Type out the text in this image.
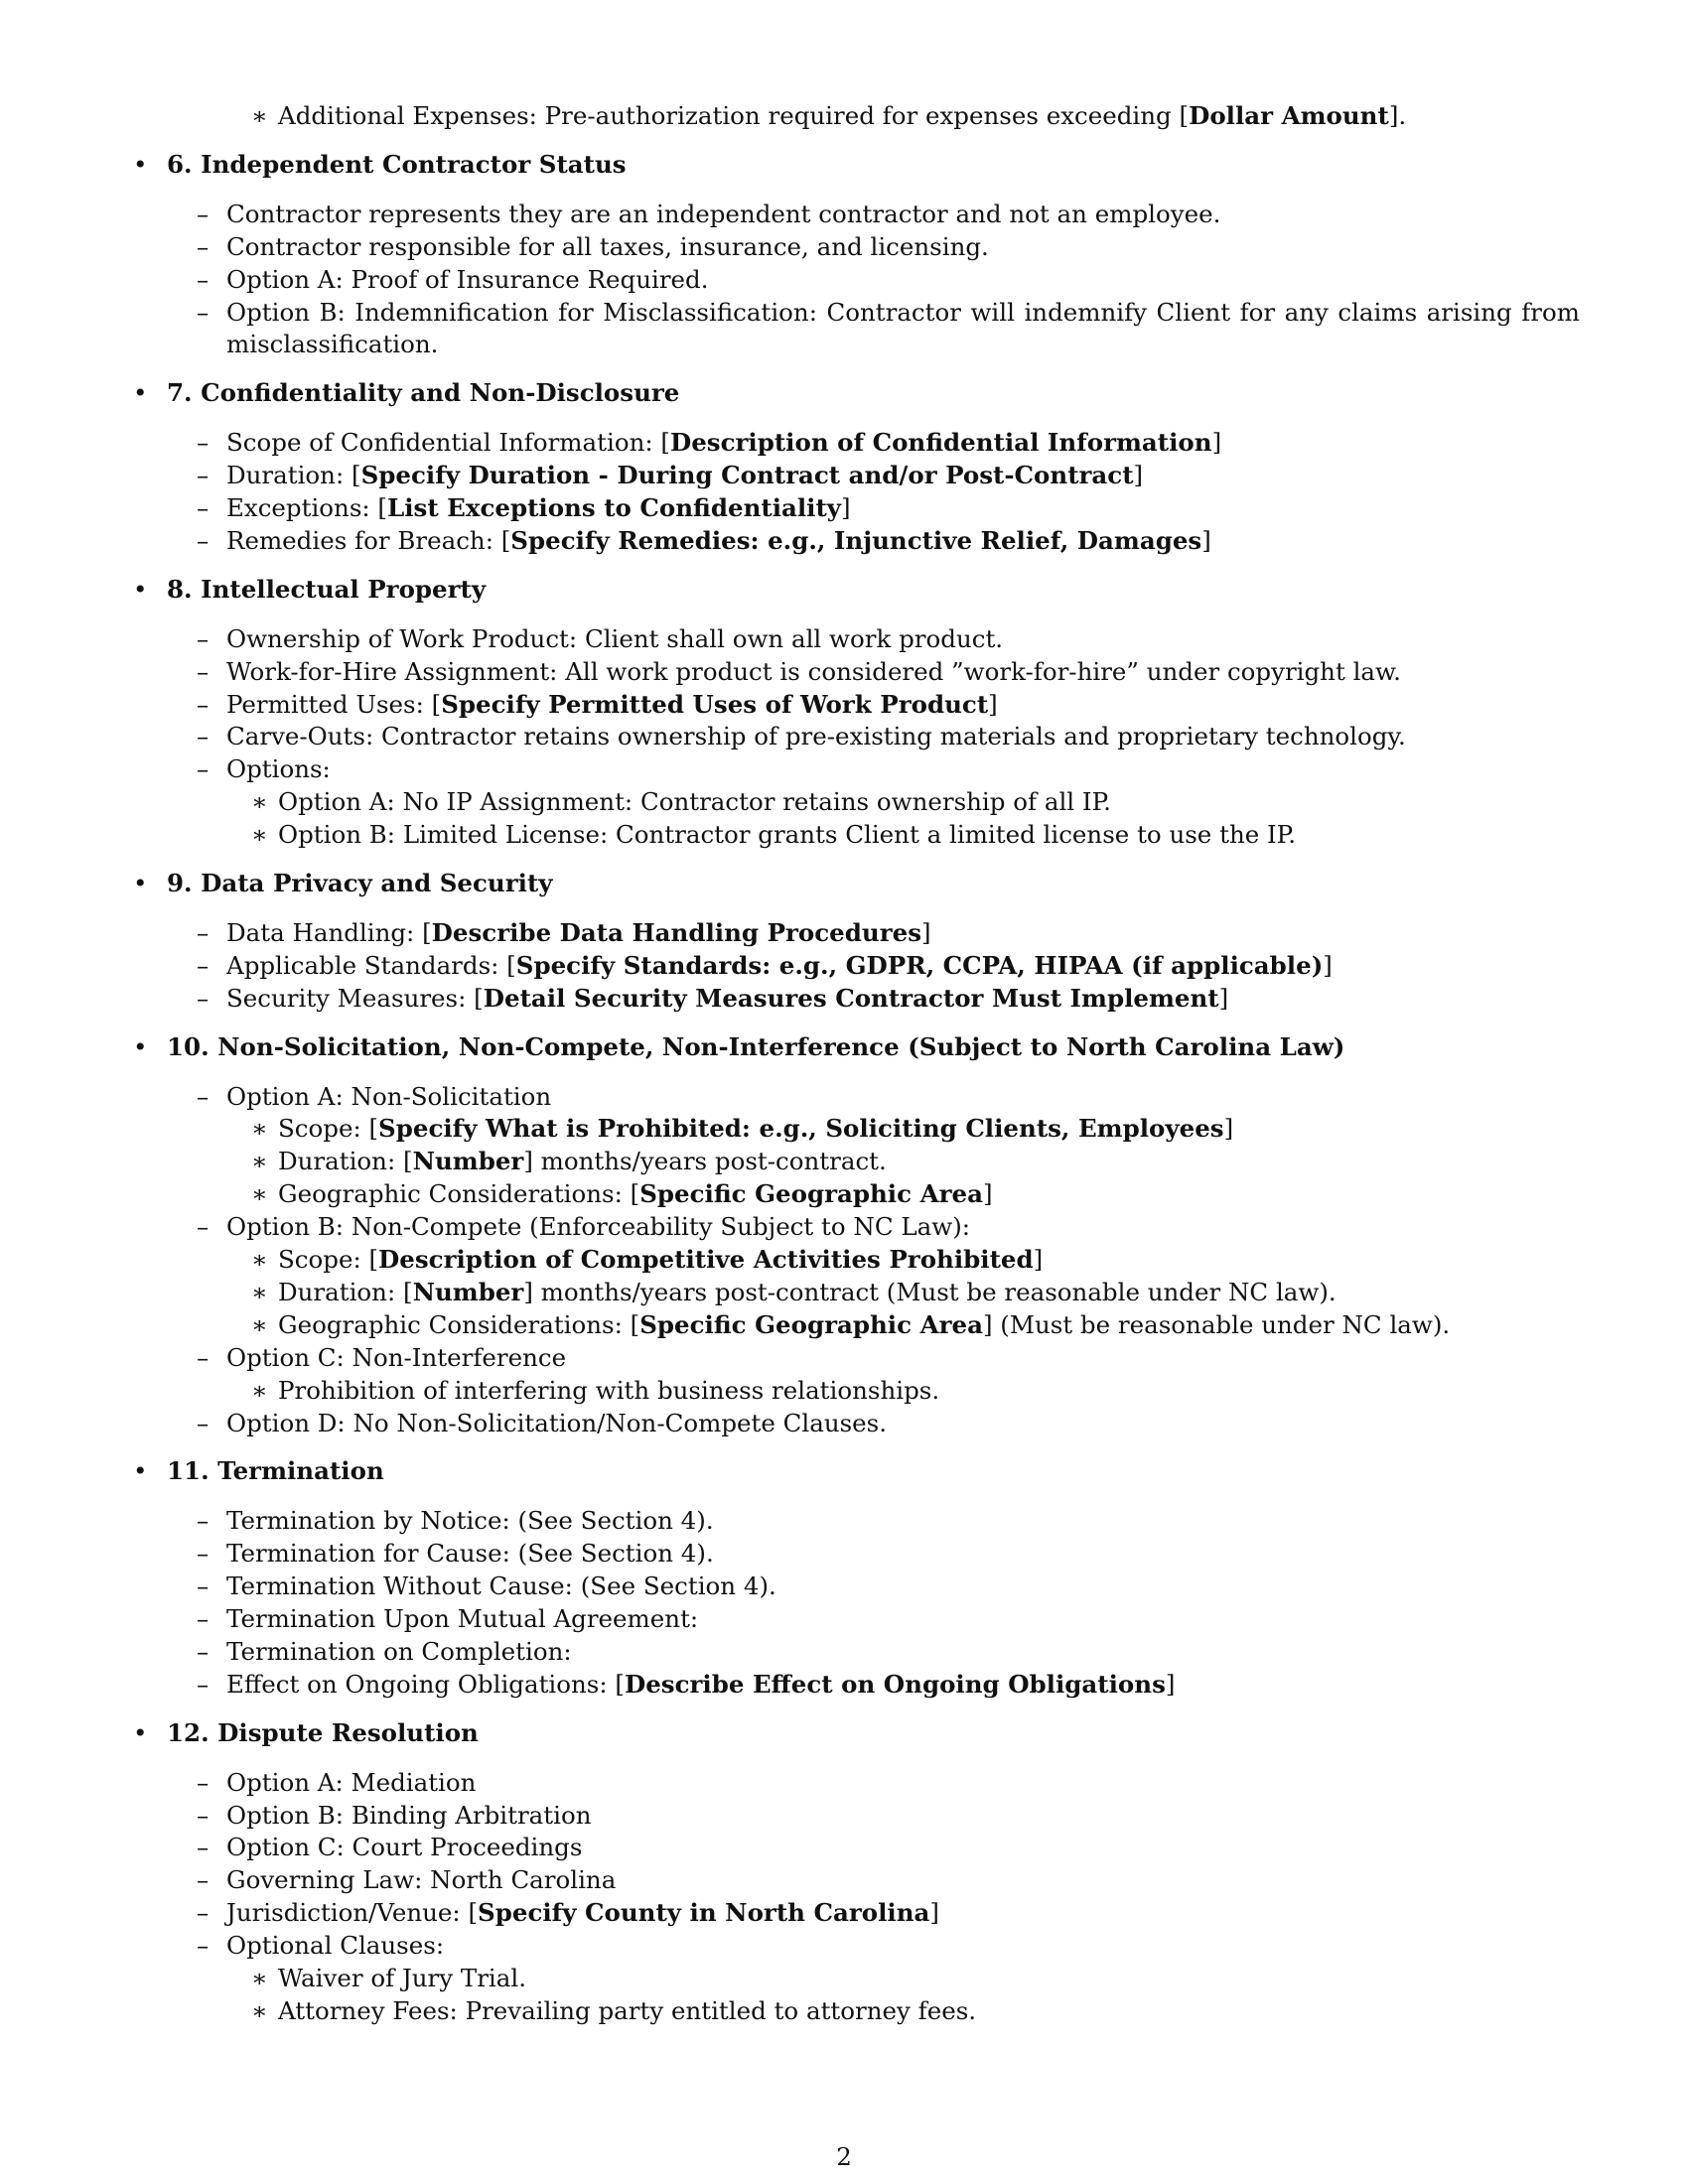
∗ Additional Expenses: Pre-authorization required for expenses exceeding [Dollar Amount].
• 6. Independent Contractor Status
– Contractor represents they are an independent contractor and not an employee.
– Contractor responsible for all taxes, insurance, and licensing.
– Option A: Proof of Insurance Required.
– Option B: Indemnification for Misclassification: Contractor will indemnify Client for any claims arising from
misclassification.
• 7. Confidentiality and Non-Disclosure
– Scope of Confidential Information: [Description of Confidential Information]
– Duration: [Specify Duration - During Contract and/or Post-Contract]
– Exceptions: [List Exceptions to Confidentiality]
– Remedies for Breach: [Specify Remedies: e.g., Injunctive Relief, Damages]
• 8. Intellectual Property
– Ownership of Work Product: Client shall own all work product.
– Work-for-Hire Assignment: All work product is considered ”work-for-hire” under copyright law.
– Permitted Uses: [Specify Permitted Uses of Work Product]
– Carve-Outs: Contractor retains ownership of pre-existing materials and proprietary technology.
– Options:
∗ Option A: No IP Assignment: Contractor retains ownership of all IP.
∗ Option B: Limited License: Contractor grants Client a limited license to use the IP.
• 9. Data Privacy and Security
– Data Handling: [Describe Data Handling Procedures]
– Applicable Standards: [Specify Standards: e.g., GDPR, CCPA, HIPAA (if applicable)]
– Security Measures: [Detail Security Measures Contractor Must Implement]
• 10. Non-Solicitation, Non-Compete, Non-Interference (Subject to North Carolina Law)
– Option A: Non-Solicitation
∗ Scope: [Specify What is Prohibited: e.g., Soliciting Clients, Employees]
∗ Duration: [Number] months/years post-contract.
∗ Geographic Considerations: [Specific Geographic Area]
– Option B: Non-Compete (Enforceability Subject to NC Law):
∗ Scope: [Description of Competitive Activities Prohibited]
∗ Duration: [Number] months/years post-contract (Must be reasonable under NC law).
∗ Geographic Considerations: [Specific Geographic Area] (Must be reasonable under NC law).
– Option C: Non-Interference
∗ Prohibition of interfering with business relationships.
– Option D: No Non-Solicitation/Non-Compete Clauses.
• 11. Termination
– Termination by Notice: (See Section 4).
– Termination for Cause: (See Section 4).
– Termination Without Cause: (See Section 4).
– Termination Upon Mutual Agreement:
– Termination on Completion:
– Effect on Ongoing Obligations: [Describe Effect on Ongoing Obligations]
• 12. Dispute Resolution
– Option A: Mediation
– Option B: Binding Arbitration
– Option C: Court Proceedings
– Governing Law: North Carolina
– Jurisdiction/Venue: [Specify County in North Carolina]
– Optional Clauses:
∗ Waiver of Jury Trial.
∗ Attorney Fees: Prevailing party entitled to attorney fees.
2
